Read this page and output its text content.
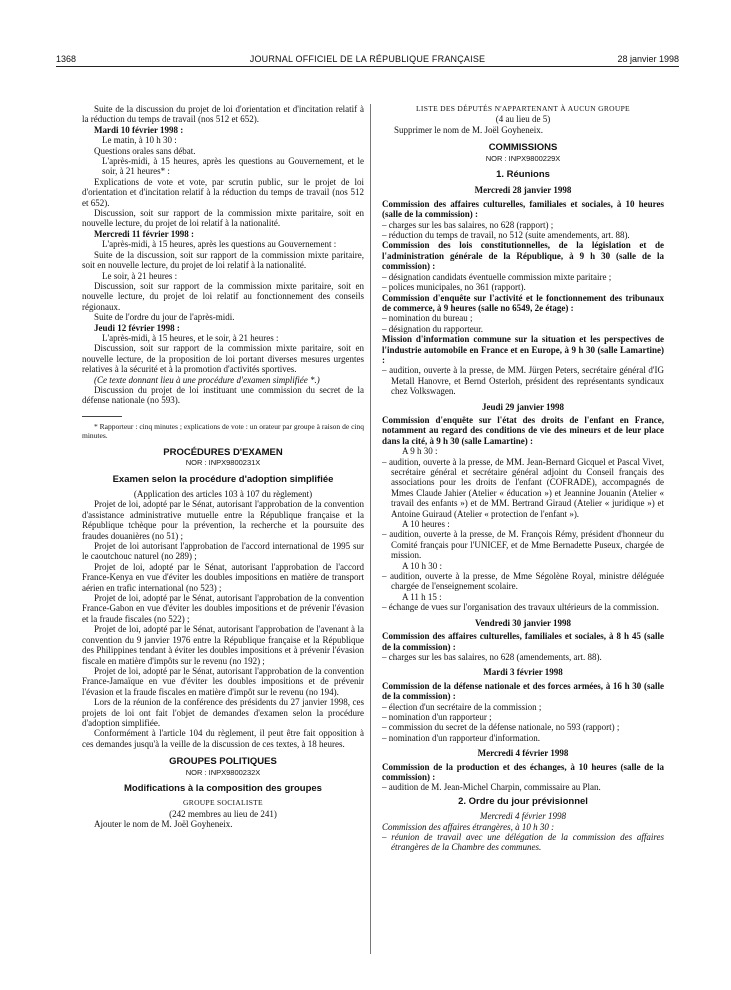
1368	JOURNAL OFFICIEL DE LA RÉPUBLIQUE FRANÇAISE	28 janvier 1998

Suite de la discussion du projet de loi d'orientation et d'incitation relatif à la réduction du temps de travail (nos 512 et 652).

Mardi 10 février 1998 :

Le matin, à 10 h 30 :

Questions orales sans débat.

L'après-midi, à 15 heures, après les questions au Gouvernement, et le soir, à 21 heures* :

Explications de vote et vote, par scrutin public, sur le projet de loi d'orientation et d'incitation relatif à la réduction du temps de travail (nos 512 et 652).

Discussion, soit sur rapport de la commission mixte paritaire, soit en nouvelle lecture, du projet de loi relatif à la nationalité.

Mercredi 11 février 1998 :

L'après-midi, à 15 heures, après les questions au Gouvernement :

Suite de la discussion, soit sur rapport de la commission mixte paritaire, soit en nouvelle lecture, du projet de loi relatif à la nationalité.

Le soir, à 21 heures :

Discussion, soit sur rapport de la commission mixte paritaire, soit en nouvelle lecture, du projet de loi relatif au fonctionnement des conseils régionaux.

Suite de l'ordre du jour de l'après-midi.

Jeudi 12 février 1998 :

L'après-midi, à 15 heures, et le soir, à 21 heures :

Discussion, soit sur rapport de la commission mixte paritaire, soit en nouvelle lecture, de la proposition de loi portant diverses mesures urgentes relatives à la sécurité et à la promotion d'activités sportives.

(Ce texte donnant lieu à une procédure d'examen simplifiée *.)

Discussion du projet de loi instituant une commission du secret de la défense nationale (no 593).

* Rapporteur : cinq minutes ; explications de vote : un orateur par groupe à raison de cinq minutes.

PROCÉDURES D'EXAMEN
NOR : INPX9800231X
Examen selon la procédure d'adoption simplifiée

(Application des articles 103 à 107 du règlement)

Projet de loi, adopté par le Sénat, autorisant l'approbation de la convention d'assistance administrative mutuelle entre la République française et la République tchèque pour la prévention, la recherche et la poursuite des fraudes douanières (no 51) ;

Projet de loi autorisant l'approbation de l'accord international de 1995 sur le caoutchouc naturel (no 289) ;

Projet de loi, adopté par le Sénat, autorisant l'approbation de l'accord France-Kenya en vue d'éviter les doubles impositions en matière de transport aérien en trafic international (no 523) ;

Projet de loi, adopté par le Sénat, autorisant l'approbation de la convention France-Gabon en vue d'éviter les doubles impositions et de prévenir l'évasion et la fraude fiscales (no 522) ;

Projet de loi, adopté par le Sénat, autorisant l'approbation de l'avenant à la convention du 9 janvier 1976 entre la République française et la République des Philippines tendant à éviter les doubles impositions et à prévenir l'évasion fiscale en matière d'impôts sur le revenu (no 192) ;

Projet de loi, adopté par le Sénat, autorisant l'approbation de la convention France-Jamaïque en vue d'éviter les doubles impositions et de prévenir l'évasion et la fraude fiscales en matière d'impôt sur le revenu (no 194).

Lors de la réunion de la conférence des présidents du 27 janvier 1998, ces projets de loi ont fait l'objet de demandes d'examen selon la procédure d'adoption simplifiée.

Conformément à l'article 104 du règlement, il peut être fait opposition à ces demandes jusqu'à la veille de la discussion de ces textes, à 18 heures.

GROUPES POLITIQUES
NOR : INPX9800232X
Modifications à la composition des groupes

GROUPE SOCIALISTE

(242 membres au lieu de 241)

Ajouter le nom de M. Joël Goyheneix.

LISTE DES DÉPUTÉS N'APPARTENANT À AUCUN GROUPE

(4 au lieu de 5)

Supprimer le nom de M. Joël Goyheneix.

COMMISSIONS
NOR : INPX9800229X
1. Réunions
Mercredi 28 janvier 1998

Commission des affaires culturelles, familiales et sociales, à 10 heures (salle de la commission) :

– charges sur les bas salaires, no 628 (rapport) ;

– réduction du temps de travail, no 512 (suite amendements, art. 88).

Commission des lois constitutionnelles, de la législation et de l'administration générale de la République, à 9 h 30 (salle de la commission) :

– désignation candidats éventuelle commission mixte paritaire ;

– polices municipales, no 361 (rapport).

Commission d'enquête sur l'activité et le fonctionnement des tribunaux de commerce, à 9 heures (salle no 6549, 2e étage) :

– nomination du bureau ;

– désignation du rapporteur.

Mission d'information commune sur la situation et les perspectives de l'industrie automobile en France et en Europe, à 9 h 30 (salle Lamartine) :

– audition, ouverte à la presse, de MM. Jürgen Peters, secrétaire général d'IG Metall Hanovre, et Bernd Osterloh, président des représentants syndicaux chez Volkswagen.

Jeudi 29 janvier 1998

Commission d'enquête sur l'état des droits de l'enfant en France, notamment au regard des conditions de vie des mineurs et de leur place dans la cité, à 9 h 30 (salle Lamartine) :

A 9 h 30 :

– audition, ouverte à la presse, de MM. Jean-Bernard Gicquel et Pascal Vivet, secrétaire général et secrétaire général adjoint du Conseil français des associations pour les droits de l'enfant (COFRADE), accompagnés de Mmes Claude Jahier (Atelier « éducation ») et Jeannine Jouanin (Atelier « travail des enfants ») et de MM. Bertrand Giraud (Atelier « juridique ») et Antoine Guiraud (Atelier « protection de l'enfant »).

A 10 heures :

– audition, ouverte à la presse, de M. François Rémy, président d'honneur du Comité français pour l'UNICEF, et de Mme Bernadette Puseux, chargée de mission.

A 10 h 30 :

– audition, ouverte à la presse, de Mme Ségolène Royal, ministre déléguée chargée de l'enseignement scolaire.

A 11 h 15 :

– échange de vues sur l'organisation des travaux ultérieurs de la commission.

Vendredi 30 janvier 1998

Commission des affaires culturelles, familiales et sociales, à 8 h 45 (salle de la commission) :

– charges sur les bas salaires, no 628 (amendements, art. 88).

Mardi 3 février 1998

Commission de la défense nationale et des forces armées, à 16 h 30 (salle de la commission) :

– élection d'un secrétaire de la commission ;

– nomination d'un rapporteur ;

– commission du secret de la défense nationale, no 593 (rapport) ;

– nomination d'un rapporteur d'information.

Mercredi 4 février 1998

Commission de la production et des échanges, à 10 heures (salle de la commission) :

– audition de M. Jean-Michel Charpin, commissaire au Plan.

2. Ordre du jour prévisionnel

Mercredi 4 février 1998

Commission des affaires étrangères, à 10 h 30 :

– réunion de travail avec une délégation de la commission des affaires étrangères de la Chambre des communes.
